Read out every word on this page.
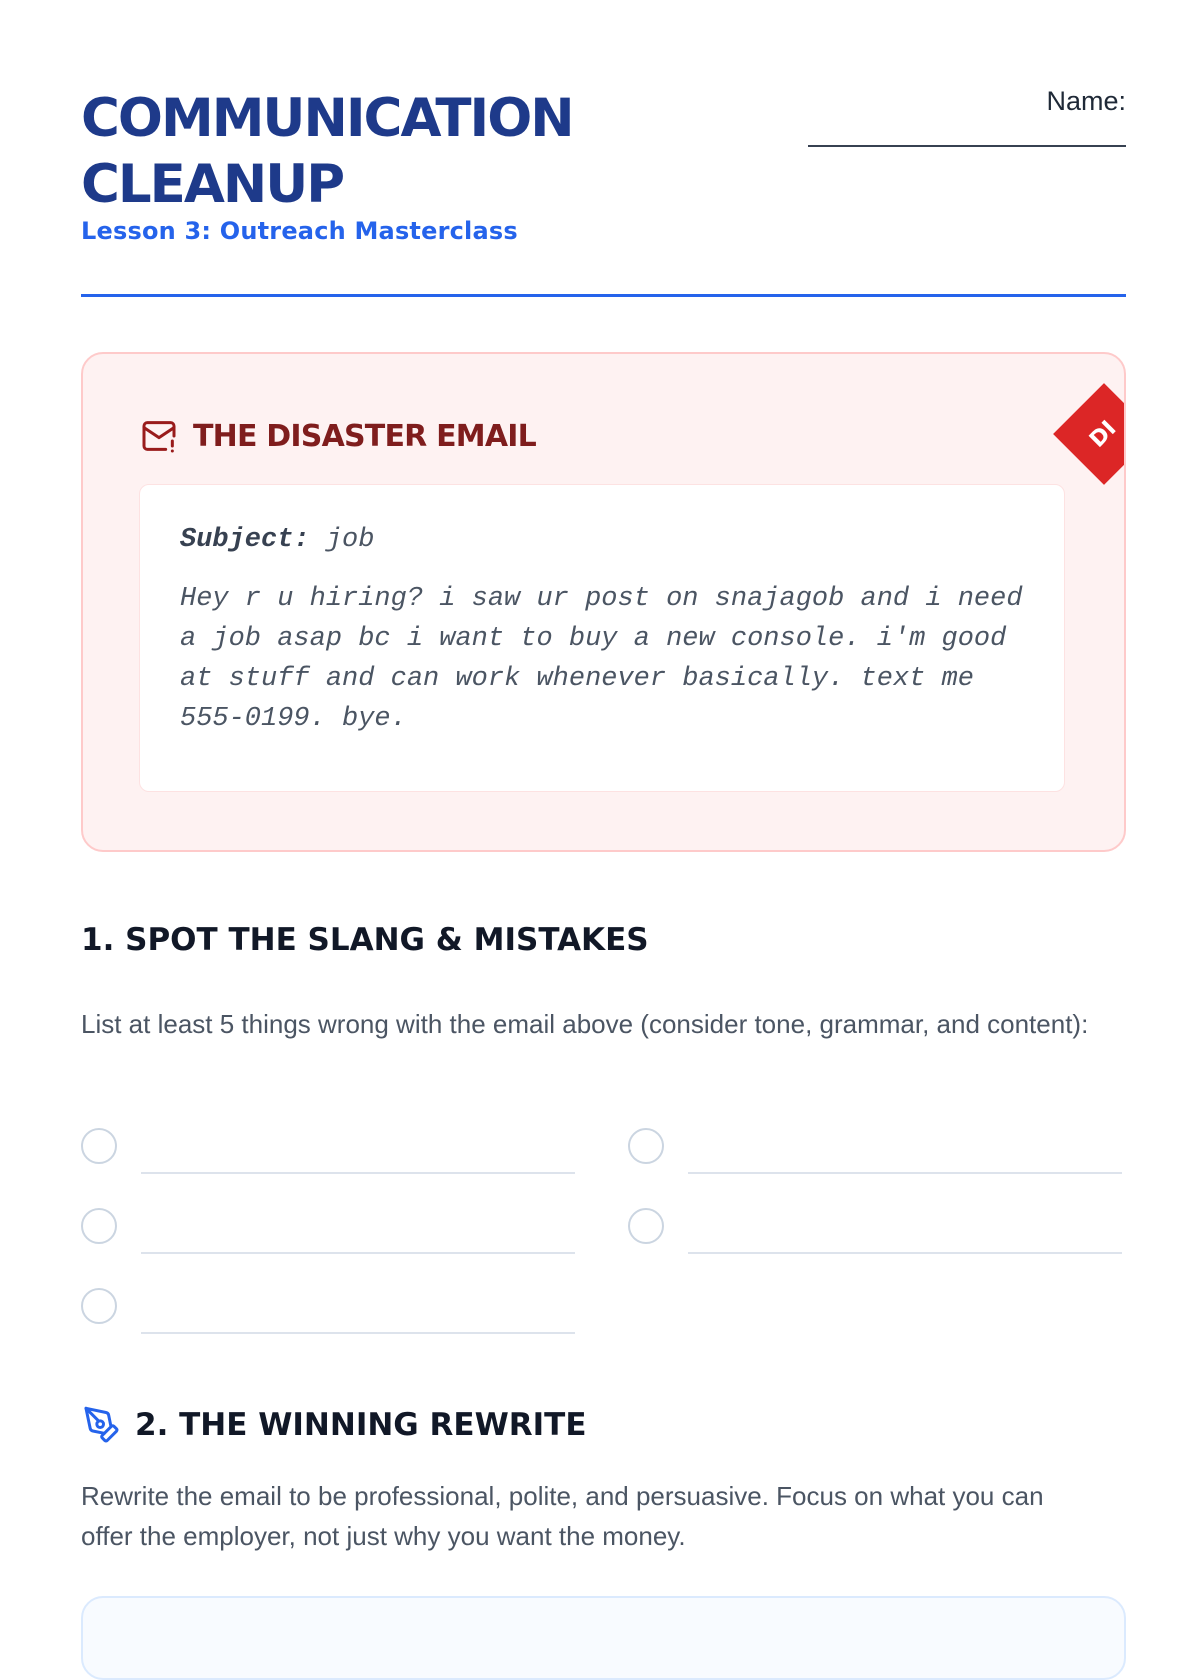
COMMUNICATION CLEANUP
Lesson 3: Outreach Masterclass
Name:
DI
THE DISASTER EMAIL

Subject: job

Hey r u hiring? i saw ur post on snajagob and i need a job asap bc i want to buy a new console. i'm good at stuff and can work whenever basically. text me 555-0199. bye.

1. SPOT THE SLANG & MISTAKES

List at least 5 things wrong with the email above (consider tone, grammar, and content):

2. THE WINNING REWRITE

Rewrite the email to be professional, polite, and persuasive. Focus on what you can offer the employer, not just why you want the money.
